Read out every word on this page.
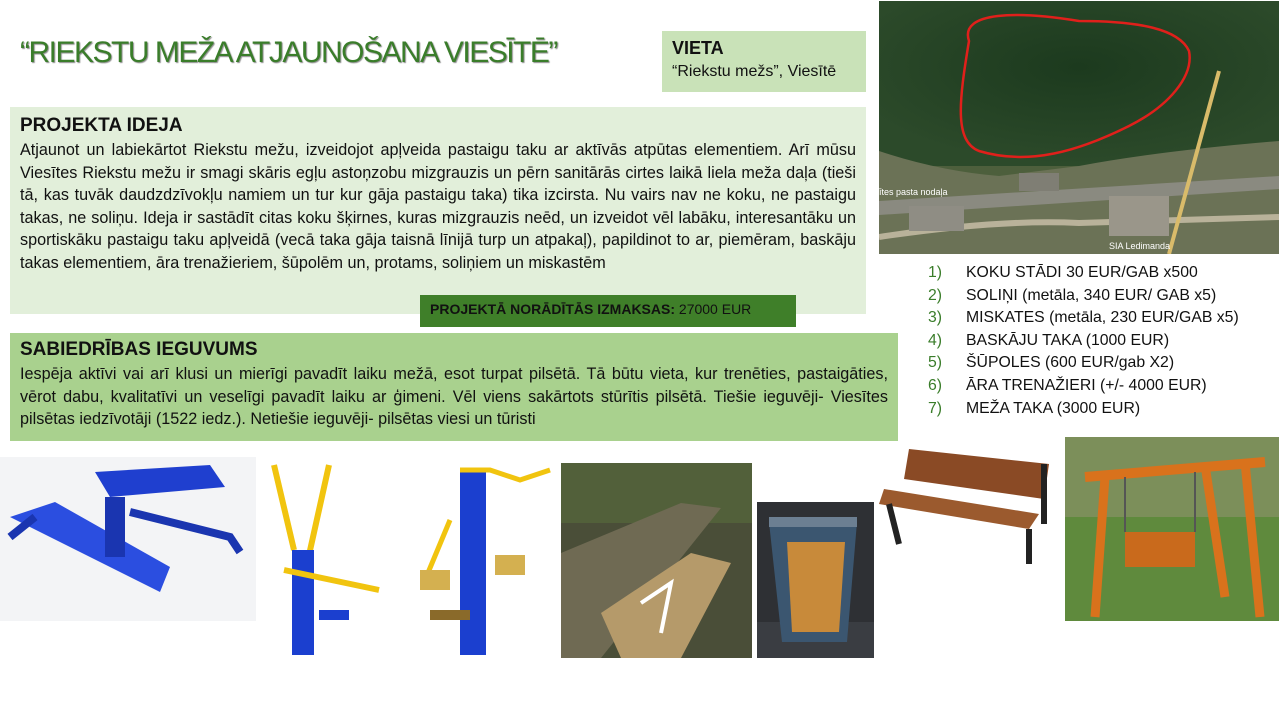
“RIEKSTU MEŽA ATJAUNOŠANA VIESĪTĒ”	VIETA
“Riekstu mežs”, Viesītē
PROJEKTA IDEJA
Atjaunot un labiekārtot Riekstu mežu, izveidojot apļveida pastaigu taku ar aktīvās atpūtas elementiem. Arī mūsu Viesītes Riekstu mežu ir smagi skāris egļu astoņzobu mizgrauzis un pērn sanitārās cirtes laikā liela meža daļa (tieši tā, kas tuvāk daudzdzīvokļu namiem un tur kur gāja pastaigu taka) tika izcirsta. Nu vairs nav ne koku, ne pastaigu takas, ne soliņu. Ideja ir sastādīt citas koku šķirnes, kuras mizgrauzis neēd, un izveidot vēl labāku, interesantāku un sportiskāku pastaigu taku apļveidā (vecā taka gāja taisnā līnijā turp un atpakaļ), papildinot to ar, piemēram, baskāju takas elementiem, āra trenažieriem, šūpolēm un, protams, soliņiem un miskastēm
PROJEKTĀ NORĀDĪTĀS IZMAKSAS: 27000 EUR
SABIEDRĪBAS IEGUVUMS
Iespēja aktīvi vai arī klusi un mierīgi pavadīt laiku mežā, esot turpat pilsētā. Tā būtu vieta, kur trenēties, pastaigāties, vērot dabu, kvalitatīvi un veselīgi pavadīt laiku ar ģimeni. Vēl viens sakārtots stūrītis pilsētā. Tiešie ieguvēji- Viesītes pilsētas iedzīvotāji (1522 iedz.). Netiešie ieguvēji- pilsētas viesi un tūristi
1)	KOKU STĀDI 30 EUR/GAB x500
2)	SOLIŅI (metāla, 340 EUR/ GAB x5)
3)	MISKATES (metāla, 230 EUR/GAB x5)
4)	BASKĀJU TAKA (1000 EUR)
5)	ŠŪPOLES (600 EUR/gab X2)
6)	ĀRA TRENAŽIERI (+/- 4000 EUR)
7)	MEŽA TAKA (3000 EUR)
ītes pasta nodaļa
SIA Ledimanda
